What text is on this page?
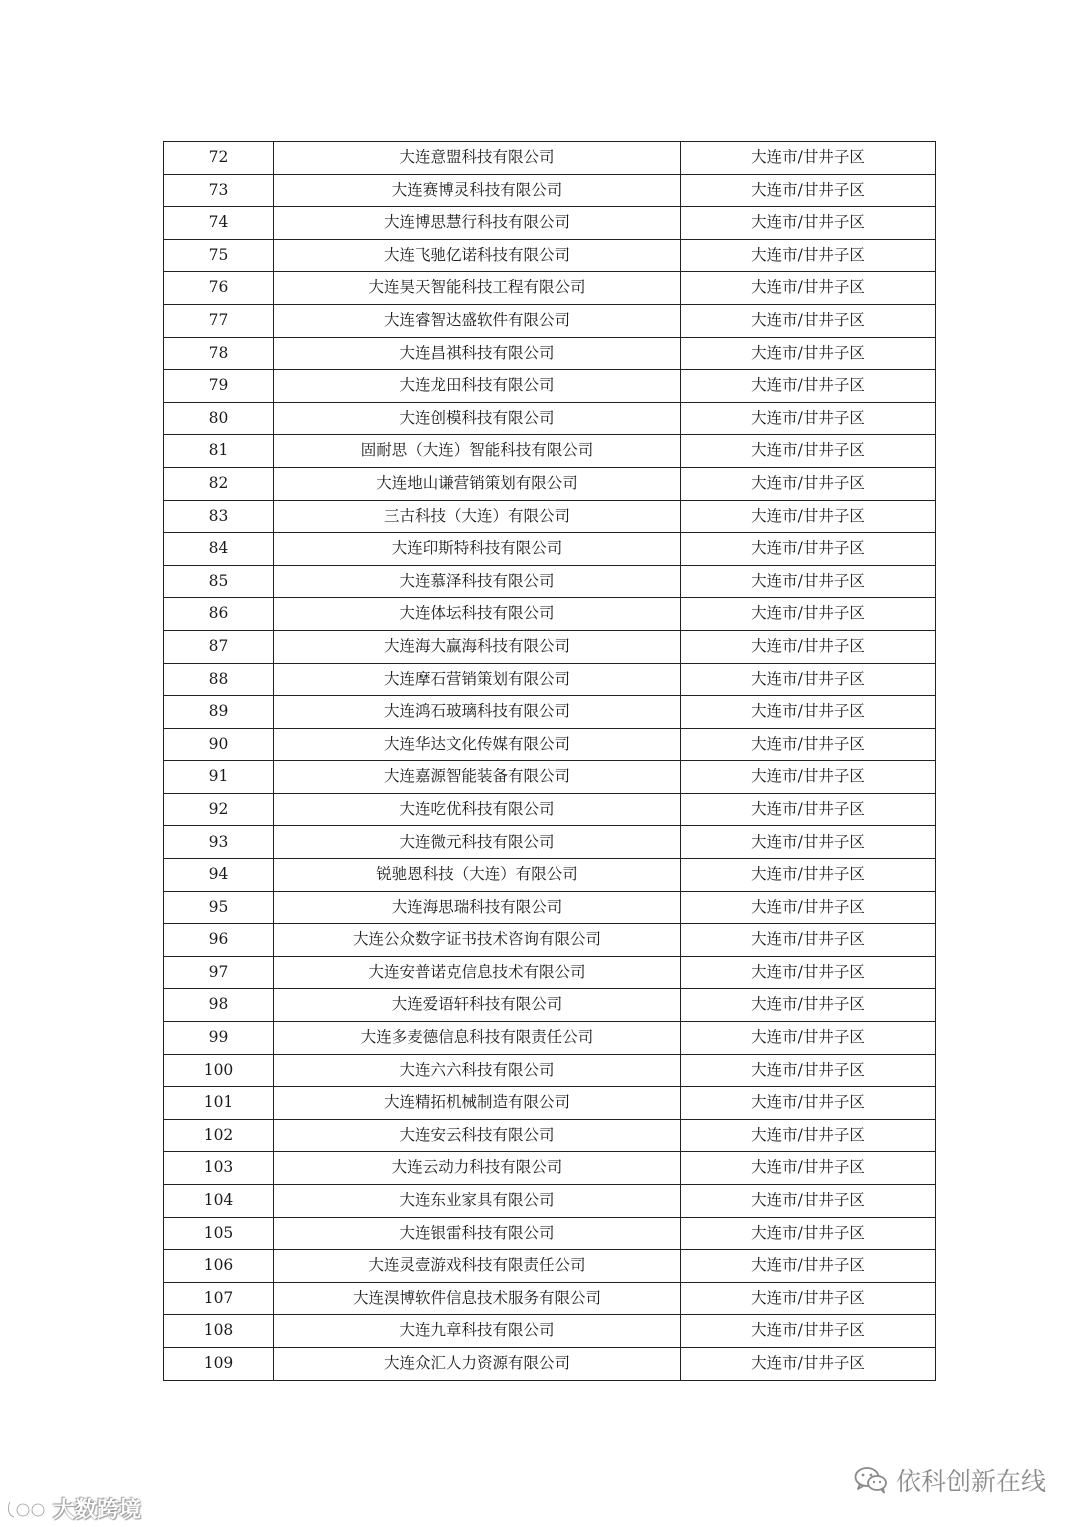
72	大连意盟科技有限公司	大连市/甘井子区
73	大连赛博灵科技有限公司	大连市/甘井子区
74	大连博思慧行科技有限公司	大连市/甘井子区
75	大连飞驰亿诺科技有限公司	大连市/甘井子区
76	大连昊天智能科技工程有限公司	大连市/甘井子区
77	大连睿智达盛软件有限公司	大连市/甘井子区
78	大连昌祺科技有限公司	大连市/甘井子区
79	大连龙田科技有限公司	大连市/甘井子区
80	大连创模科技有限公司	大连市/甘井子区
81	固耐思（大连）智能科技有限公司	大连市/甘井子区
82	大连地山谦营销策划有限公司	大连市/甘井子区
83	三古科技（大连）有限公司	大连市/甘井子区
84	大连印斯特科技有限公司	大连市/甘井子区
85	大连慕泽科技有限公司	大连市/甘井子区
86	大连体坛科技有限公司	大连市/甘井子区
87	大连海大赢海科技有限公司	大连市/甘井子区
88	大连摩石营销策划有限公司	大连市/甘井子区
89	大连鸿石玻璃科技有限公司	大连市/甘井子区
90	大连华达文化传媒有限公司	大连市/甘井子区
91	大连嘉源智能装备有限公司	大连市/甘井子区
92	大连吃优科技有限公司	大连市/甘井子区
93	大连微元科技有限公司	大连市/甘井子区
94	锐驰恩科技（大连）有限公司	大连市/甘井子区
95	大连海思瑞科技有限公司	大连市/甘井子区
96	大连公众数字证书技术咨询有限公司	大连市/甘井子区
97	大连安普诺克信息技术有限公司	大连市/甘井子区
98	大连爱语轩科技有限公司	大连市/甘井子区
99	大连多麦德信息科技有限责任公司	大连市/甘井子区
100	大连六六科技有限公司	大连市/甘井子区
101	大连精拓机械制造有限公司	大连市/甘井子区
102	大连安云科技有限公司	大连市/甘井子区
103	大连云动力科技有限公司	大连市/甘井子区
104	大连东业家具有限公司	大连市/甘井子区
105	大连银雷科技有限公司	大连市/甘井子区
106	大连灵壹游戏科技有限责任公司	大连市/甘井子区
107	大连淏博软件信息技术服务有限公司	大连市/甘井子区
108	大连九章科技有限公司	大连市/甘井子区
109	大连众汇人力资源有限公司	大连市/甘井子区
依科创新在线
大数跨境
